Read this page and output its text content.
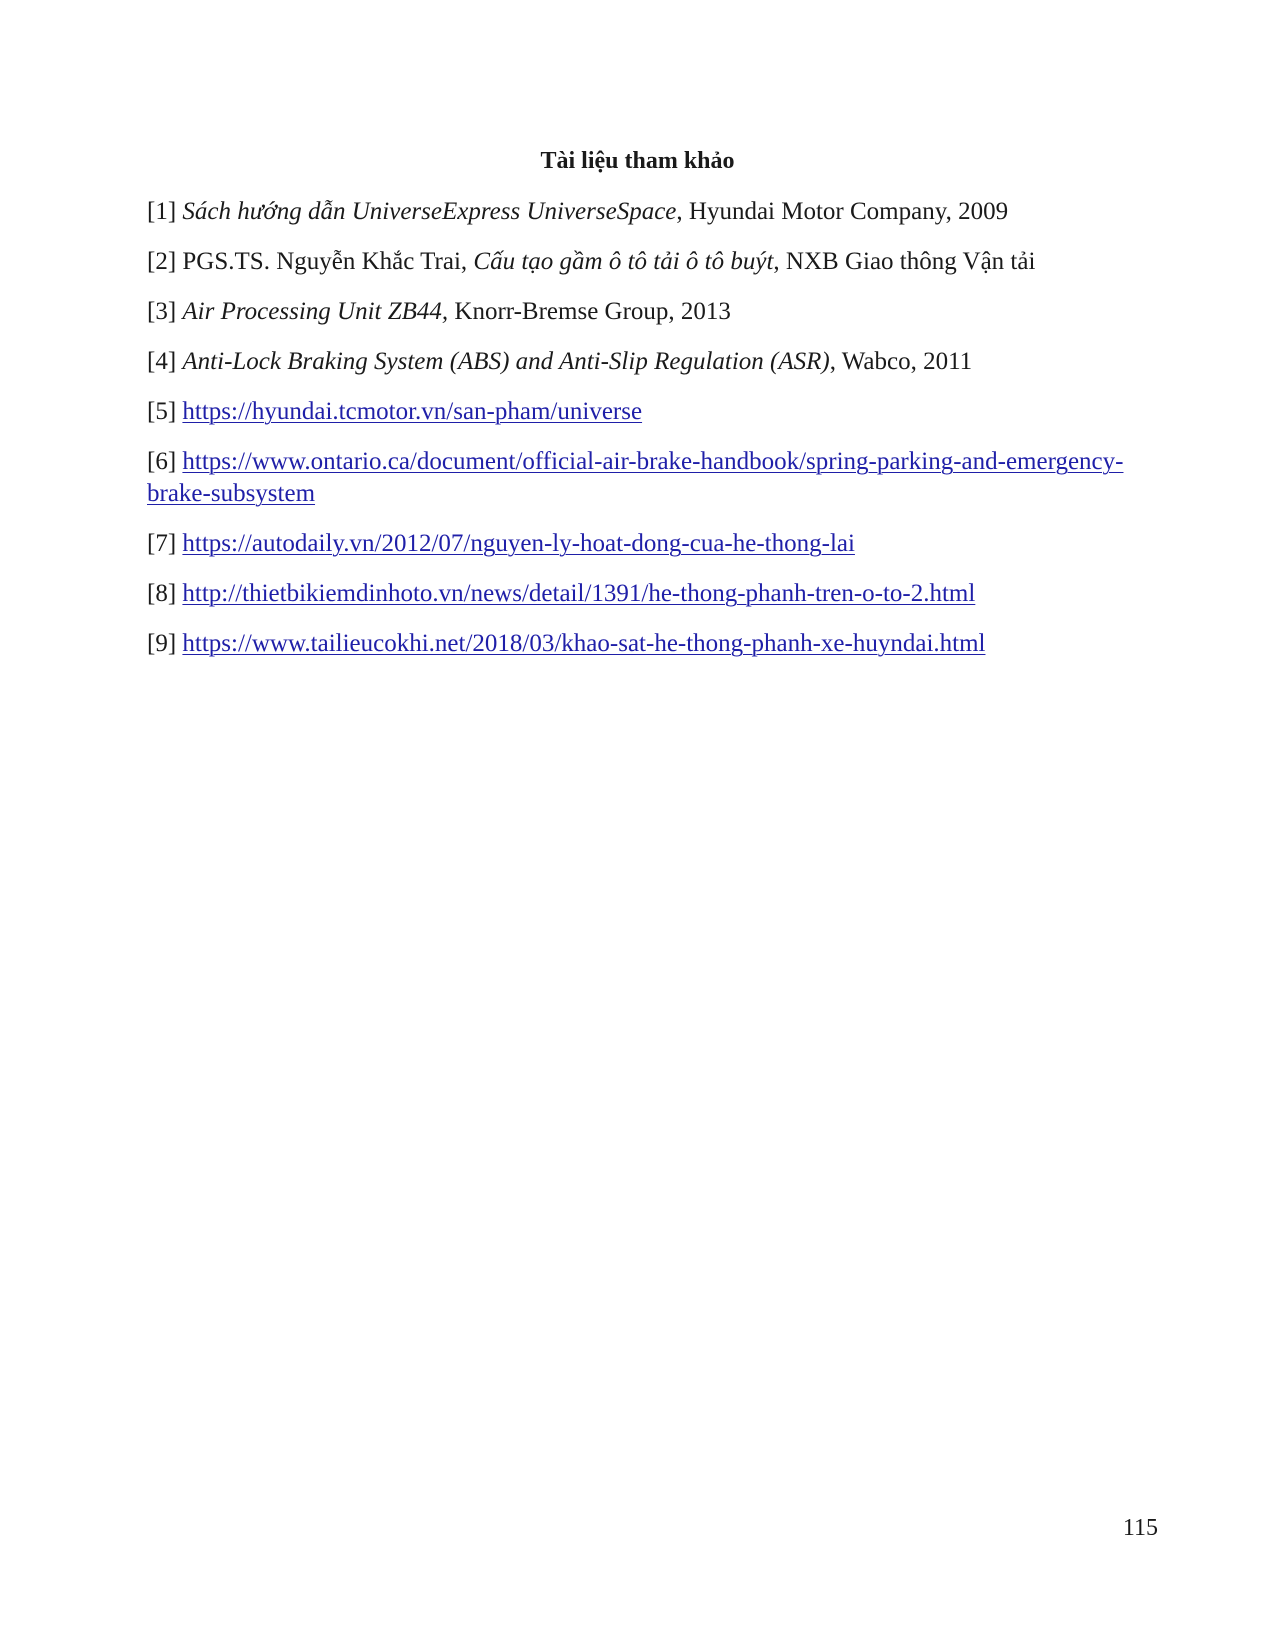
Tài liệu tham khảo
[1] Sách hướng dẫn UniverseExpress UniverseSpace, Hyundai Motor Company, 2009
[2] PGS.TS. Nguyễn Khắc Trai, Cấu tạo gầm ô tô tải ô tô buýt, NXB Giao thông Vận tải
[3] Air Processing Unit ZB44, Knorr-Bremse Group, 2013
[4] Anti-Lock Braking System (ABS) and Anti-Slip Regulation (ASR), Wabco, 2011
[5] https://hyundai.tcmotor.vn/san-pham/universe
[6] https://www.ontario.ca/document/official-air-brake-handbook/spring-parking-and-emergency-brake-subsystem
[7] https://autodaily.vn/2012/07/nguyen-ly-hoat-dong-cua-he-thong-lai
[8] http://thietbikiemdinhoto.vn/news/detail/1391/he-thong-phanh-tren-o-to-2.html
[9] https://www.tailieucokhi.net/2018/03/khao-sat-he-thong-phanh-xe-huyndai.html
115
